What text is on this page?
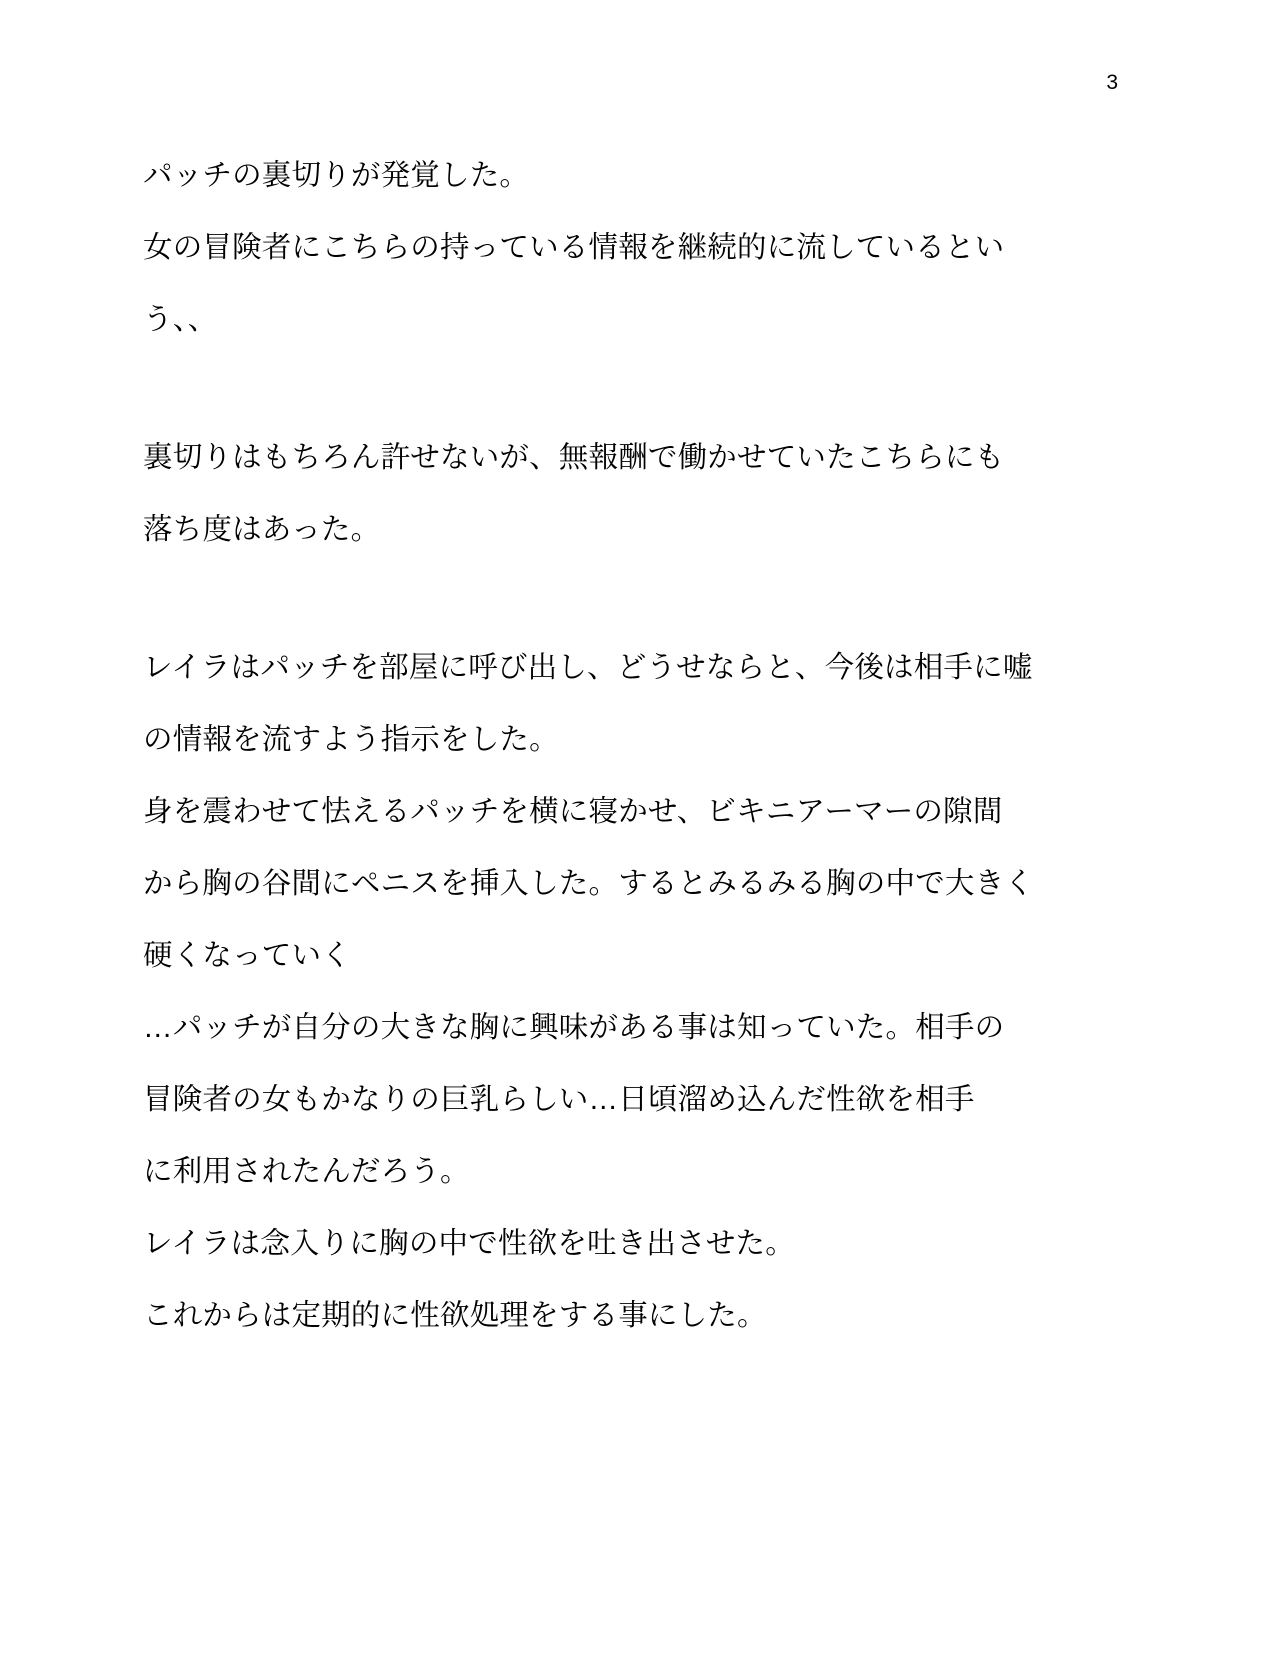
3
パッチの裏切りが発覚した。
女の冒険者にこちらの持っている情報を継続的に流しているとい
う、、
裏切りはもちろん許せないが、無報酬で働かせていたこちらにも
落ち度はあった。
レイラはパッチを部屋に呼び出し、どうせならと、今後は相手に嘘
の情報を流すよう指示をした。
身を震わせて怯えるパッチを横に寝かせ、ビキニアーマーの隙間
から胸の谷間にペニスを挿入した。するとみるみる胸の中で大きく
硬くなっていく
…パッチが自分の大きな胸に興味がある事は知っていた。相手の
冒険者の女もかなりの巨乳らしい…日頃溜め込んだ性欲を相手
に利用されたんだろう。
レイラは念入りに胸の中で性欲を吐き出させた。
これからは定期的に性欲処理をする事にした。
